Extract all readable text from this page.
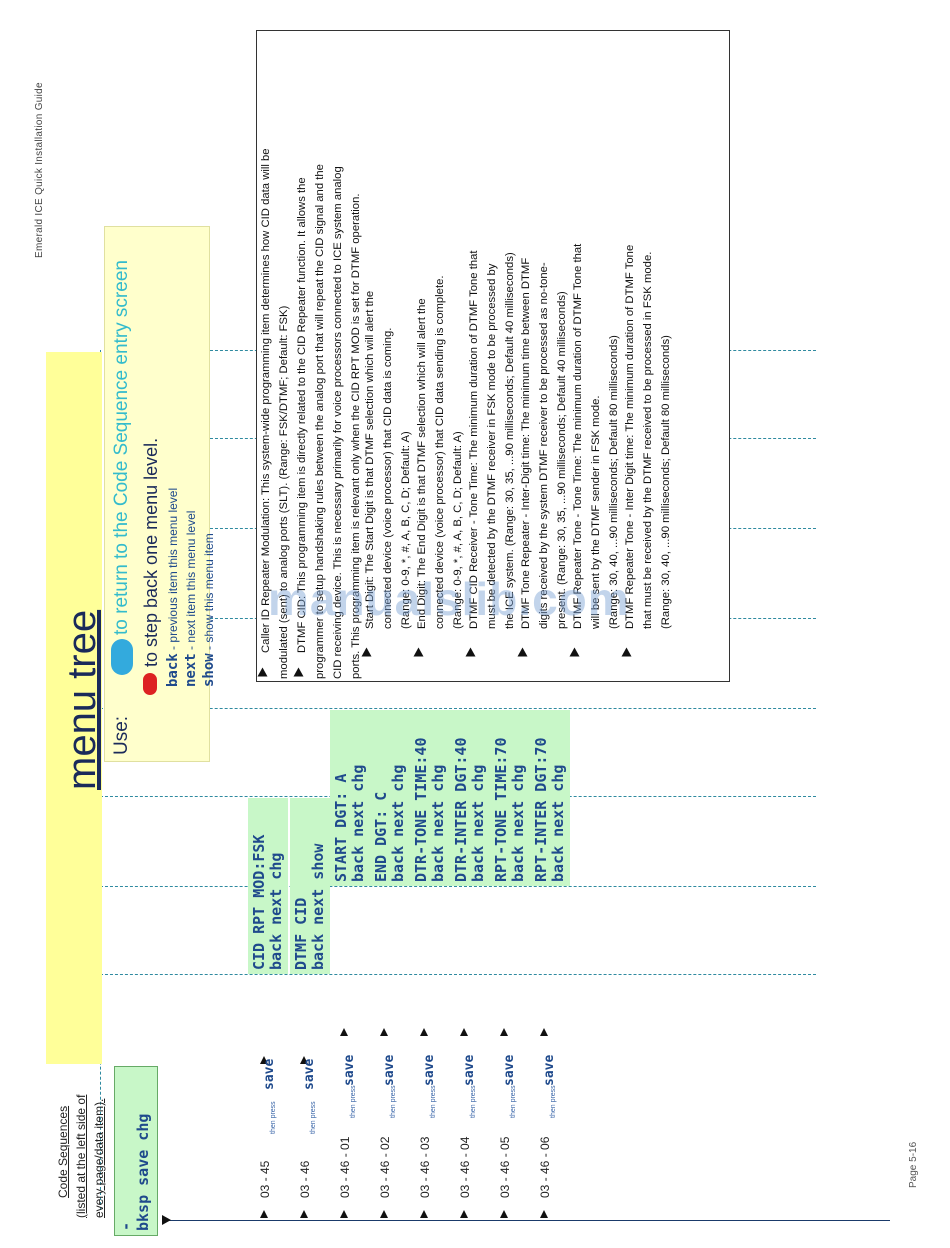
Emerald ICE Quick Installation Guide
Page 5-16
menu tree Use:
to return to the Code Sequence entry screen to step back one menu level.
back - previous item this menu level
next - next item this menu level
show - show this menu item
Code Sequences (listed at the left side of every page/data item).
- bksp save chg
save
then press
03 - 45
save
then press
03 - 46
save
then press
03 - 46 - 01
save
then press
03 - 46 - 02
save
then press
03 - 46 - 03
save
then press
03 - 46 - 04
save
then press
03 - 46 - 05
save
then press
03 - 46 - 06
CID RPT MOD:FSK back next chg DTMF CID back next show
START DGT: A back next chg END DGT: C back next chg DTR-TONE TIME:40 back next chg DTR-INTER DGT:40 back next chg RPT-TONE TIME:70 back next chg RPT-INTER DGT:70 back next chg
Caller ID Repeater Modulation: This system-wide programming item determines how CID data will be modulated (sent) to analog ports (SLT). (Range: FSK/DTMF; Default: FSK) DTMF CID: This programming item is directly related to the CID Repeater function. It allows the programmer to setup handshaking rules between the analog port that will repeat the CID signal and the CID receiving device. This is necessary primarily for voice processors connected to ICE system analog ports. This programming item is relevant only when the CID RPT MOD is set for DTMF operation. Start Digit: The Start Digit is that DTMF selection which will alert the connected device (voice processor) that CID data is coming. (Range: 0-9, *, #, A, B, C, D; Default: A) End Digit: The End Digit is that DTMF selection which will alert the connected device (voice processor) that CID data sending is complete. (Range: 0-9, *, #, A, B, C, D; Default: A) DTMF CID Receiver - Tone Time: The minimum duration of DTMF Tone that must be detected by the DTMF receiver in FSK mode to be processed by the ICE system. (Range: 30, 35, ...90 milliseconds; Default 40 milliseconds) DTMF Tone Repeater - Inter-Digit time: The minimum time between DTMF digits received by the system DTMF receiver to be processed as no-tone- present. (Range: 30, 35, ...90 milliseconds; Default 40 milliseconds) DTMF Repeater Tone - Tone Time: The minimum duration of DTMF Tone that will be sent by the DTMF sender in FSK mode. (Range: 30, 40, ...90 milliseconds; Default 80 milliseconds) DTMF Repeater Tone - Inter Digit time: The minimum duration of DTMF Tone that must be received by the DTMF received to be processed in FSK mode. (Range: 30, 40, ...90 milliseconds; Default 80 milliseconds)
manualslib.com
